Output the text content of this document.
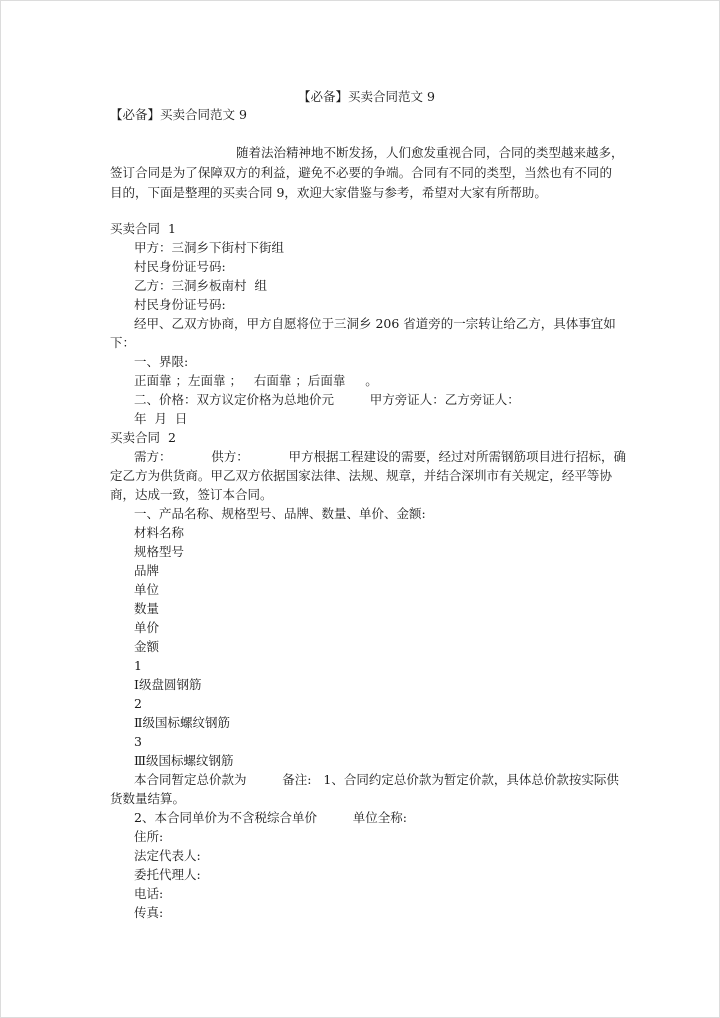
【必备】买卖合同范文 9
【必备】买卖合同范文 9
随着法治精神地不断发扬，人们愈发重视合同，合同的类型越来越多，
签订合同是为了保障双方的利益，避免不必要的争端。合同有不同的类型，当然也有不同的
目的，下面是整理的买卖合同 9，欢迎大家借鉴与参考，希望对大家有所帮助。
买卖合同  1
甲方：三洞乡下街村下街组
村民身份证号码:
乙方：三洞乡板南村  组
村民身份证号码:
经甲、乙双方协商，甲方自愿将位于三洞乡 206 省道旁的一宗转让给乙方，具体事宜如
下：
一、界限:
正面靠 ；左面靠 ；   右面靠 ；后面靠     。
二、价格：双方议定价格为总地价元         甲方旁证人：乙方旁证人：
年  月  日
买卖合同  2
需方：          供方：          甲方根据工程建设的需要，经过对所需钢筋项目进行招标，确
定乙方为供货商。甲乙双方依据国家法律、法规、规章，并结合深圳市有关规定，经平等协
商，达成一致，签订本合同。
一、产品名称、规格型号、品牌、数量、单价、金额:
材料名称
规格型号
品牌
单位
数量
单价
金额
1
Ⅰ级盘圆钢筋
2
Ⅱ级国标螺纹钢筋
3
Ⅲ级国标螺纹钢筋
本合同暂定总价款为         备注:   1、合同约定总价款为暂定价款，具体总价款按实际供
货数量结算。
2、本合同单价为不含税综合单价         单位全称:
住所:
法定代表人:
委托代理人:
电话:
传真:
